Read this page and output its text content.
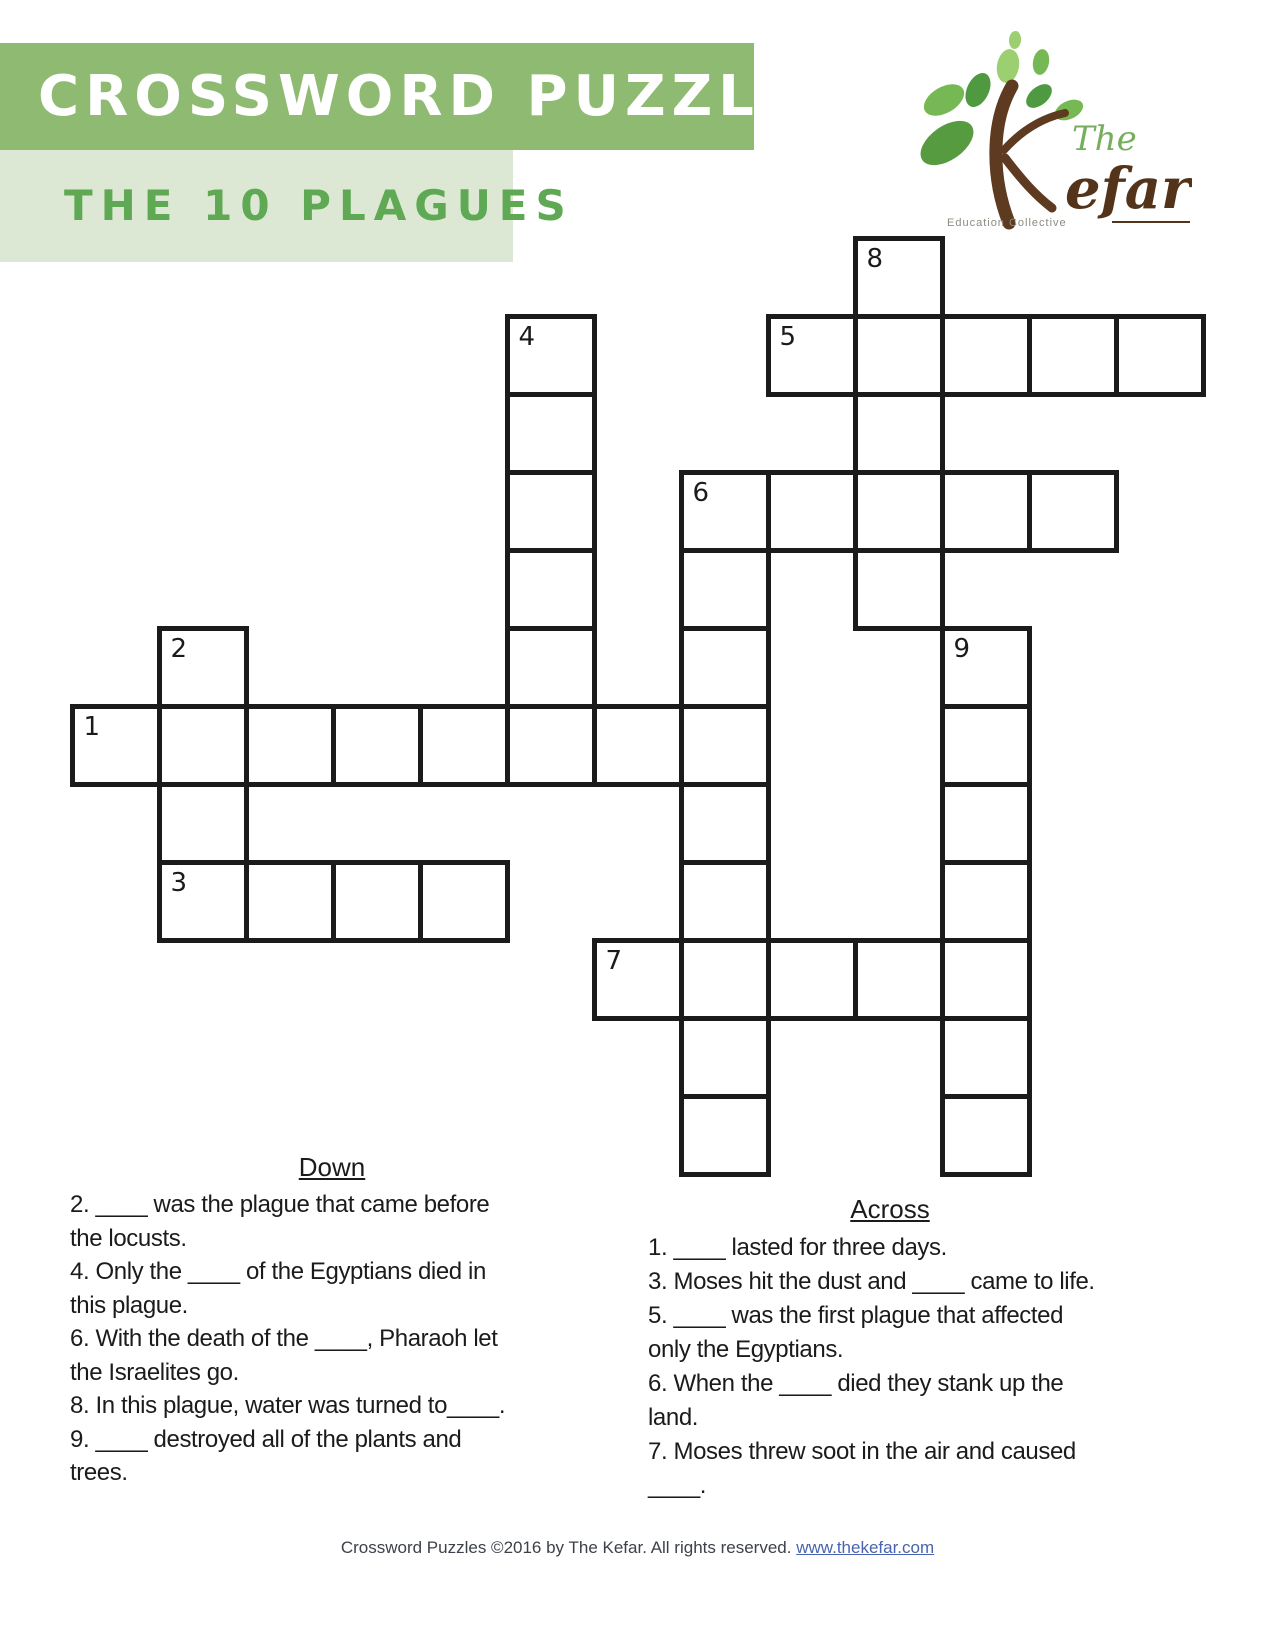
CROSSWORD PUZZLES
THE 10 PLAGUES
The
efar
Education Collective
8
5
4
6
2	9
1
3
7
Down
2. ____ was the plague that came before
the locusts.
4. Only the ____ of the Egyptians died in
this plague.
6. With the death of the ____, Pharaoh let
the Israelites go.
8. In this plague, water was turned to____.
9. ____ destroyed all of the plants and
trees.
Across
1. ____ lasted for three days.
3. Moses hit the dust and ____ came to life.
5. ____ was the first plague that affected
only the Egyptians.
6. When the ____ died they stank up the
land.
7. Moses threw soot in the air and caused
____.
Crossword Puzzles ©2016 by The Kefar. All rights reserved. www.thekefar.com
